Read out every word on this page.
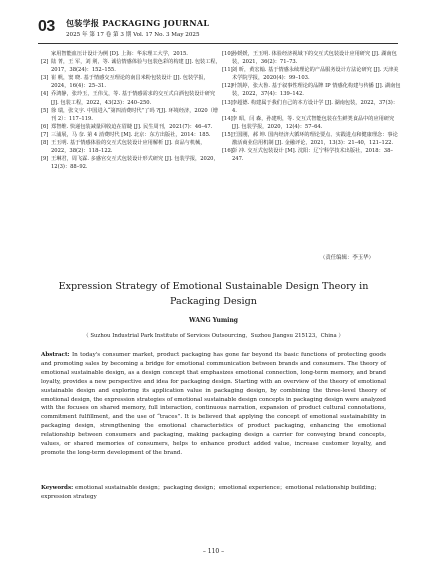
03 包装学报 PACKAGING JOURNAL
2025 年 第 17 卷 第 3 期 Vol. 17 No. 3 May 2025
家用智能血压计设计为例 [D]. 上海：华东理工大学，2015.
[2] 陆 菁，王 军，刘 荆，等. 诚信情感体验与包装色彩的构建 [J]. 包装工程，2017，38(24)：152–155.
[3] 崔 帆，窦 晓. 基于情感交互理论的南昌米粉包装设计 [J]. 包装学报，2024，16(4)：25–31.
[4] 乔鸿静，张玲玉，王伟戈，等. 基于情感需求的交互式白酒包装设计研究 [J]. 包装工程，2022，43(23)：240–250.
[5] 徐 瑞，张文宇. 中国进入“第四消费时代”了吗 ?[J]. 环境经济，2020（增刊 2）：117–119.
[6] 郑智维. 快递包装减量回收迫在眉睫 [J]. 民生周刊，2021(7)：46–47.
[7] 三浦展，马 奈. 第 4 消费时代 [M]. 北京：东方出版社，2014：185.
[8] 王玉明. 基于情感体验的交互式包装设计应用解析 [J]. 食品与机械，2022，38(2)：118–122.
[9] 王琳君，周飞霖. 多感官交互式包装设计形式研究 [J]. 包装学报，2020，12(3)：88–92.
[10] 孙媛媛，王玉明. 体验经济视域下的交互式包装设计应用研究 [J]. 湖南包装，2021，36(2)：71–73.
[11] 刘 昕，黄宏翰. 基于情感永续理论的产品服务设计方法论研究 [J]. 天津美术学院学报，2020(4)：99–103.
[12] 叶凯婷，张大鲁. 基于叙事性理论的品牌 IP 情感化构建与传播 [J]. 湖南包装，2022，37(4)：139–142.
[13] 李超德. 构建属于我们自己的本方设计学 [J]. 湖南包装，2022，37(3)：4.
[14] 李 昭，闫 森，孙建明，等. 交互式智能包装在生鲜类食品中的应用研究 [J]. 包装学报，2020，12(4)：57–64.
[15] 王国刚，郝 坤. 国内经济大循环的理论要点、实践进点和健康理念：事论激活商业信用机制 [J]. 金融评论，2021，13(3)：21–40，121–122.
[16] 彭 冲. 交互式包装设计 [M]. 沈阳：辽宁科学技术出版社，2018：38–247.
（责任编辑：李玉华）
Expression Strategy of Emotional Sustainable Design Theory in Packaging Design
WANG Yuming
（ Suzhou Industrial Park Institute of Services Outsourcing，Suzhou Jiangsu 215123，China ）
Abstract: In today's consumer market, product packaging has gone far beyond its basic functions of protecting goods and promoting sales by becoming a bridge for emotional communication between brands and consumers. The theory of emotional sustainable design, as a design concept that emphasizes emotional connection, long-term memory, and brand loyalty, provides a new perspective and idea for packaging design. Starting with an overview of the theory of emotional sustainable design and exploring its application value in packaging design, by combining the three-level theory of emotional design, the expression strategies of emotional sustainable design concepts in packaging design were analyzed with the focuses on shared memory, full interaction, continuous narration, expansion of product cultural connotations, commitment fulfillment, and the use of “traces”. It is believed that applying the concept of emotional sustainability in packaging design, strengthening the emotional characteristics of product packaging, enhancing the emotional relationship between consumers and packaging, making packaging design a carrier for conveying brand concepts, values, or shared memories of consumers, helps to enhance product added value, increase customer loyalty, and promote the long-term development of the brand.
Keywords: emotional sustainable design；packaging design；emotional experience；emotional relationship building；expression strategy
– 110 –
